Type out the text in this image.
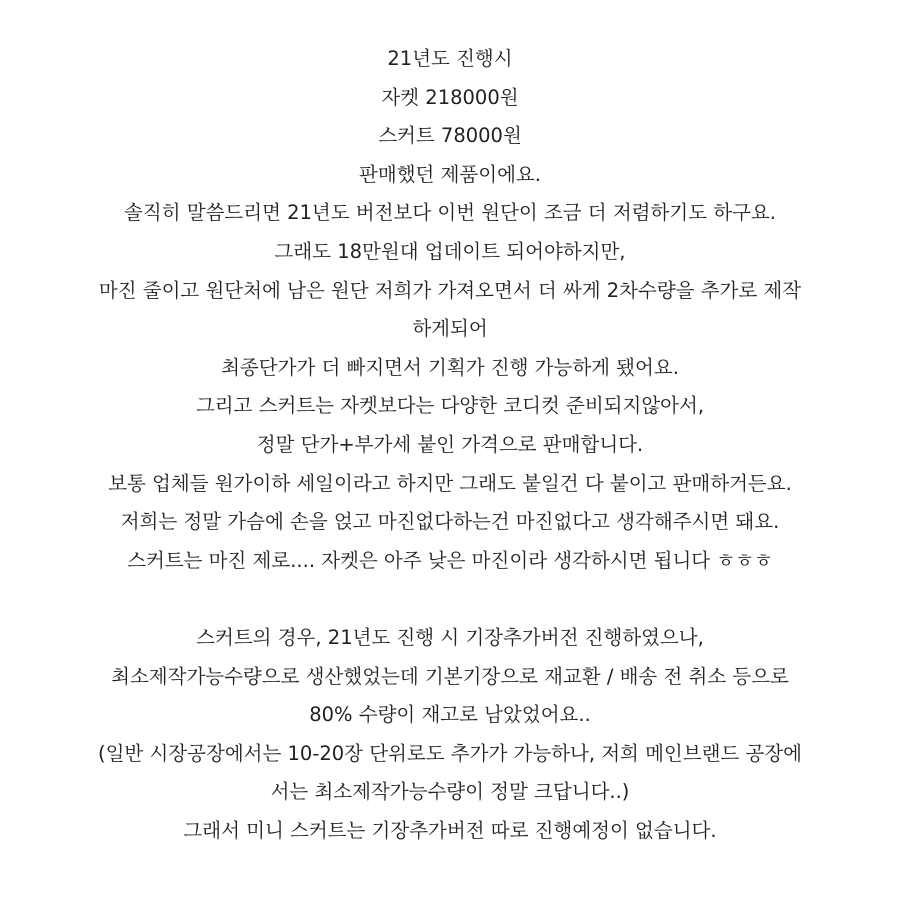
21년도 진행시
자켓 218000원
스커트 78000원
판매했던 제품이에요.
솔직히 말씀드리면 21년도 버전보다 이번 원단이 조금 더 저렴하기도 하구요.
그래도 18만원대 업데이트 되어야하지만,
마진 줄이고 원단처에 남은 원단 저희가 가져오면서 더 싸게 2차수량을 추가로 제작
하게되어
최종단가가 더 빠지면서 기획가 진행 가능하게 됐어요.
그리고 스커트는 자켓보다는 다양한 코디컷 준비되지않아서,
정말 단가+부가세 붙인 가격으로 판매합니다.
보통 업체들 원가이하 세일이라고 하지만 그래도 붙일건 다 붙이고 판매하거든요.
저희는 정말 가슴에 손을 얹고 마진없다하는건 마진없다고 생각해주시면 돼요.
스커트는 마진 제로.... 자켓은 아주 낮은 마진이라 생각하시면 됩니다 ㅎㅎㅎ
스커트의 경우, 21년도 진행 시 기장추가버전 진행하였으나,
최소제작가능수량으로 생산했었는데 기본기장으로 재교환 / 배송 전 취소 등으로
80% 수량이 재고로 남았었어요..
(일반 시장공장에서는 10-20장 단위로도 추가가 가능하나, 저희 메인브랜드 공장에
서는 최소제작가능수량이 정말 크답니다..)
그래서 미니 스커트는 기장추가버전 따로 진행예정이 없습니다.
